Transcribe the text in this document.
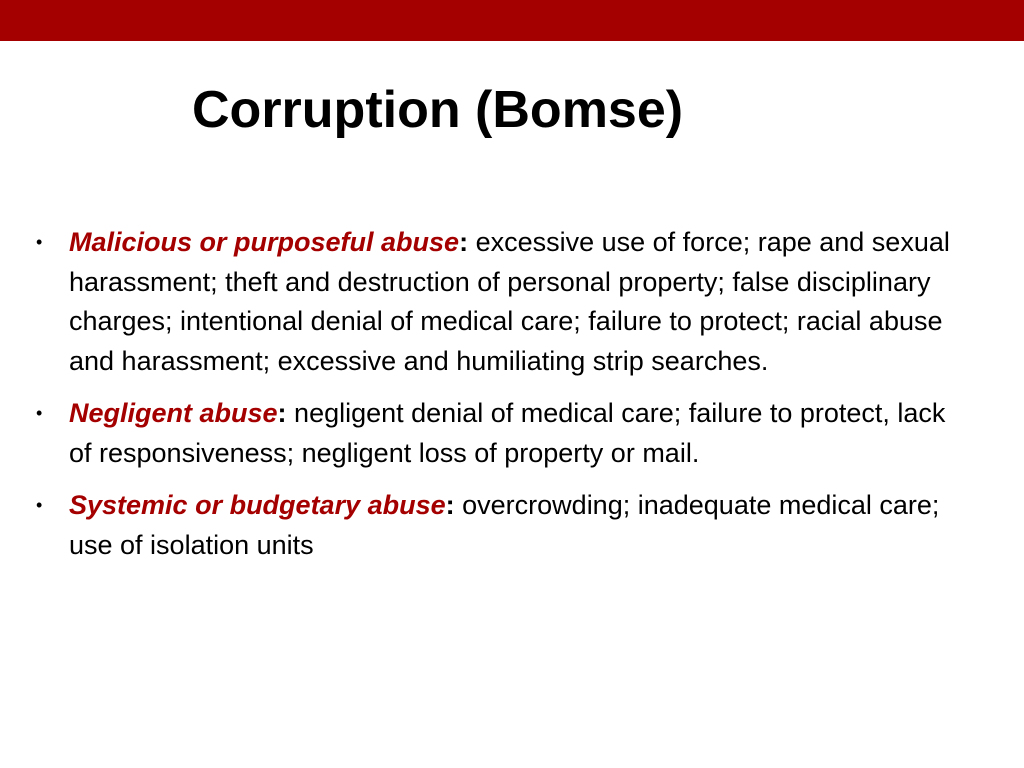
Corruption (Bomse)
• Malicious or purposeful abuse: excessive use of force; rape and sexual harassment; theft and destruction of personal property; false disciplinary charges; intentional denial of medical care; failure to protect; racial abuse and harassment; excessive and humiliating strip searches.
• Negligent abuse: negligent denial of medical care; failure to protect, lack of responsiveness; negligent loss of property or mail.
• Systemic or budgetary abuse: overcrowding; inadequate medical care; use of isolation units
